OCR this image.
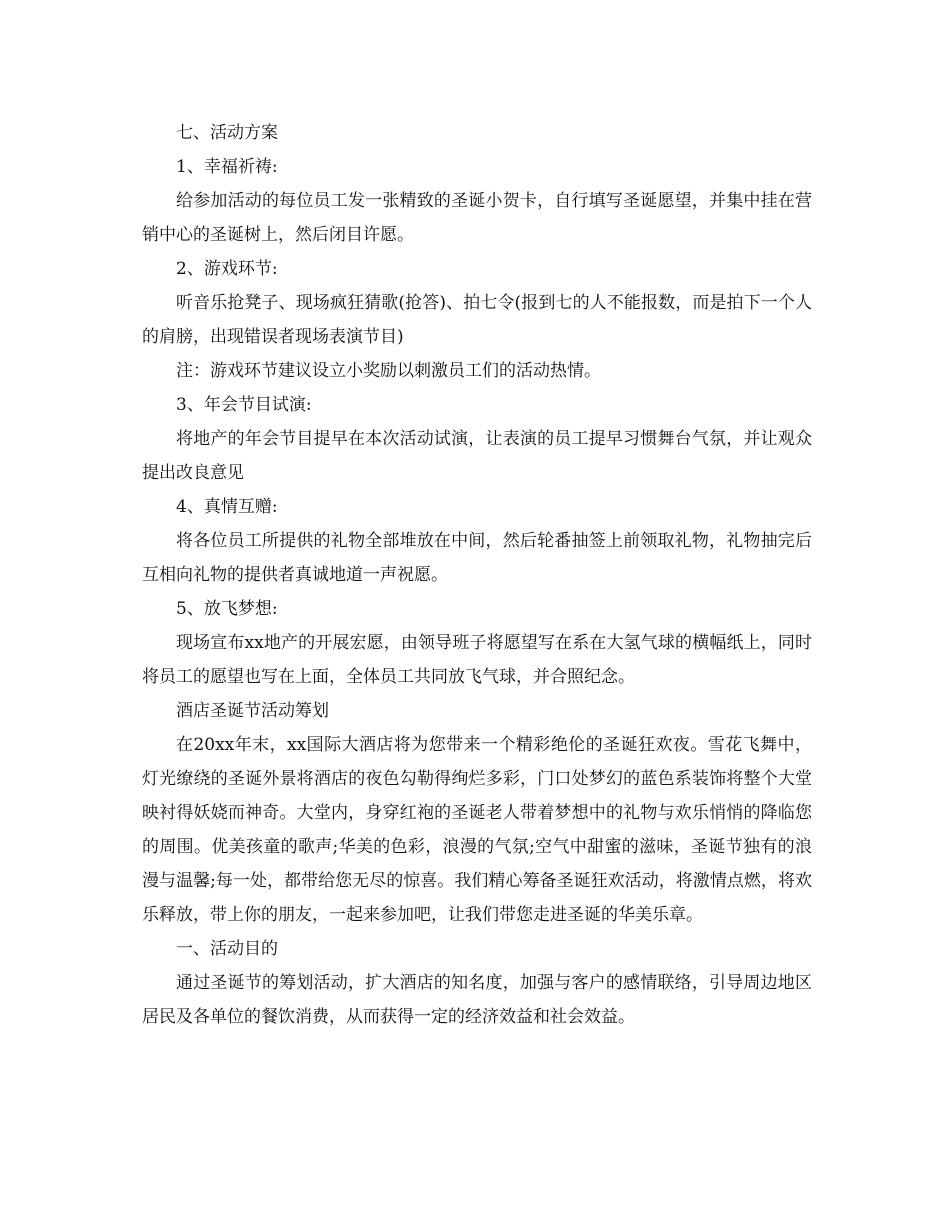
七、活动方案

1、幸福祈祷:

给参加活动的每位员工发一张精致的圣诞小贺卡，自行填写圣诞愿望，并集中挂在营销中心的圣诞树上，然后闭目许愿。

2、游戏环节:

听音乐抢凳子、现场疯狂猜歌(抢答)、拍七令(报到七的人不能报数，而是拍下一个人的肩膀，出现错误者现场表演节目)

注：游戏环节建议设立小奖励以刺激员工们的活动热情。

3、年会节目试演:

将地产的年会节目提早在本次活动试演，让表演的员工提早习惯舞台气氛，并让观众提出改良意见

4、真情互赠:

将各位员工所提供的礼物全部堆放在中间，然后轮番抽签上前领取礼物，礼物抽完后互相向礼物的提供者真诚地道一声祝愿。

5、放飞梦想:

现场宣布xx地产的开展宏愿，由领导班子将愿望写在系在大氢气球的横幅纸上，同时将员工的愿望也写在上面，全体员工共同放飞气球，并合照纪念。

酒店圣诞节活动筹划

在20xx年末，xx国际大酒店将为您带来一个精彩绝伦的圣诞狂欢夜。雪花飞舞中，灯光缭绕的圣诞外景将酒店的夜色勾勒得绚烂多彩，门口处梦幻的蓝色系装饰将整个大堂映衬得妖娆而神奇。大堂内，身穿红袍的圣诞老人带着梦想中的礼物与欢乐悄悄的降临您的周围。优美孩童的歌声;华美的色彩，浪漫的气氛;空气中甜蜜的滋味，圣诞节独有的浪漫与温馨;每一处，都带给您无尽的惊喜。我们精心筹备圣诞狂欢活动，将激情点燃，将欢乐释放，带上你的朋友，一起来参加吧，让我们带您走进圣诞的华美乐章。

一、活动目的

通过圣诞节的筹划活动，扩大酒店的知名度，加强与客户的感情联络，引导周边地区居民及各单位的餐饮消费，从而获得一定的经济效益和社会效益。
